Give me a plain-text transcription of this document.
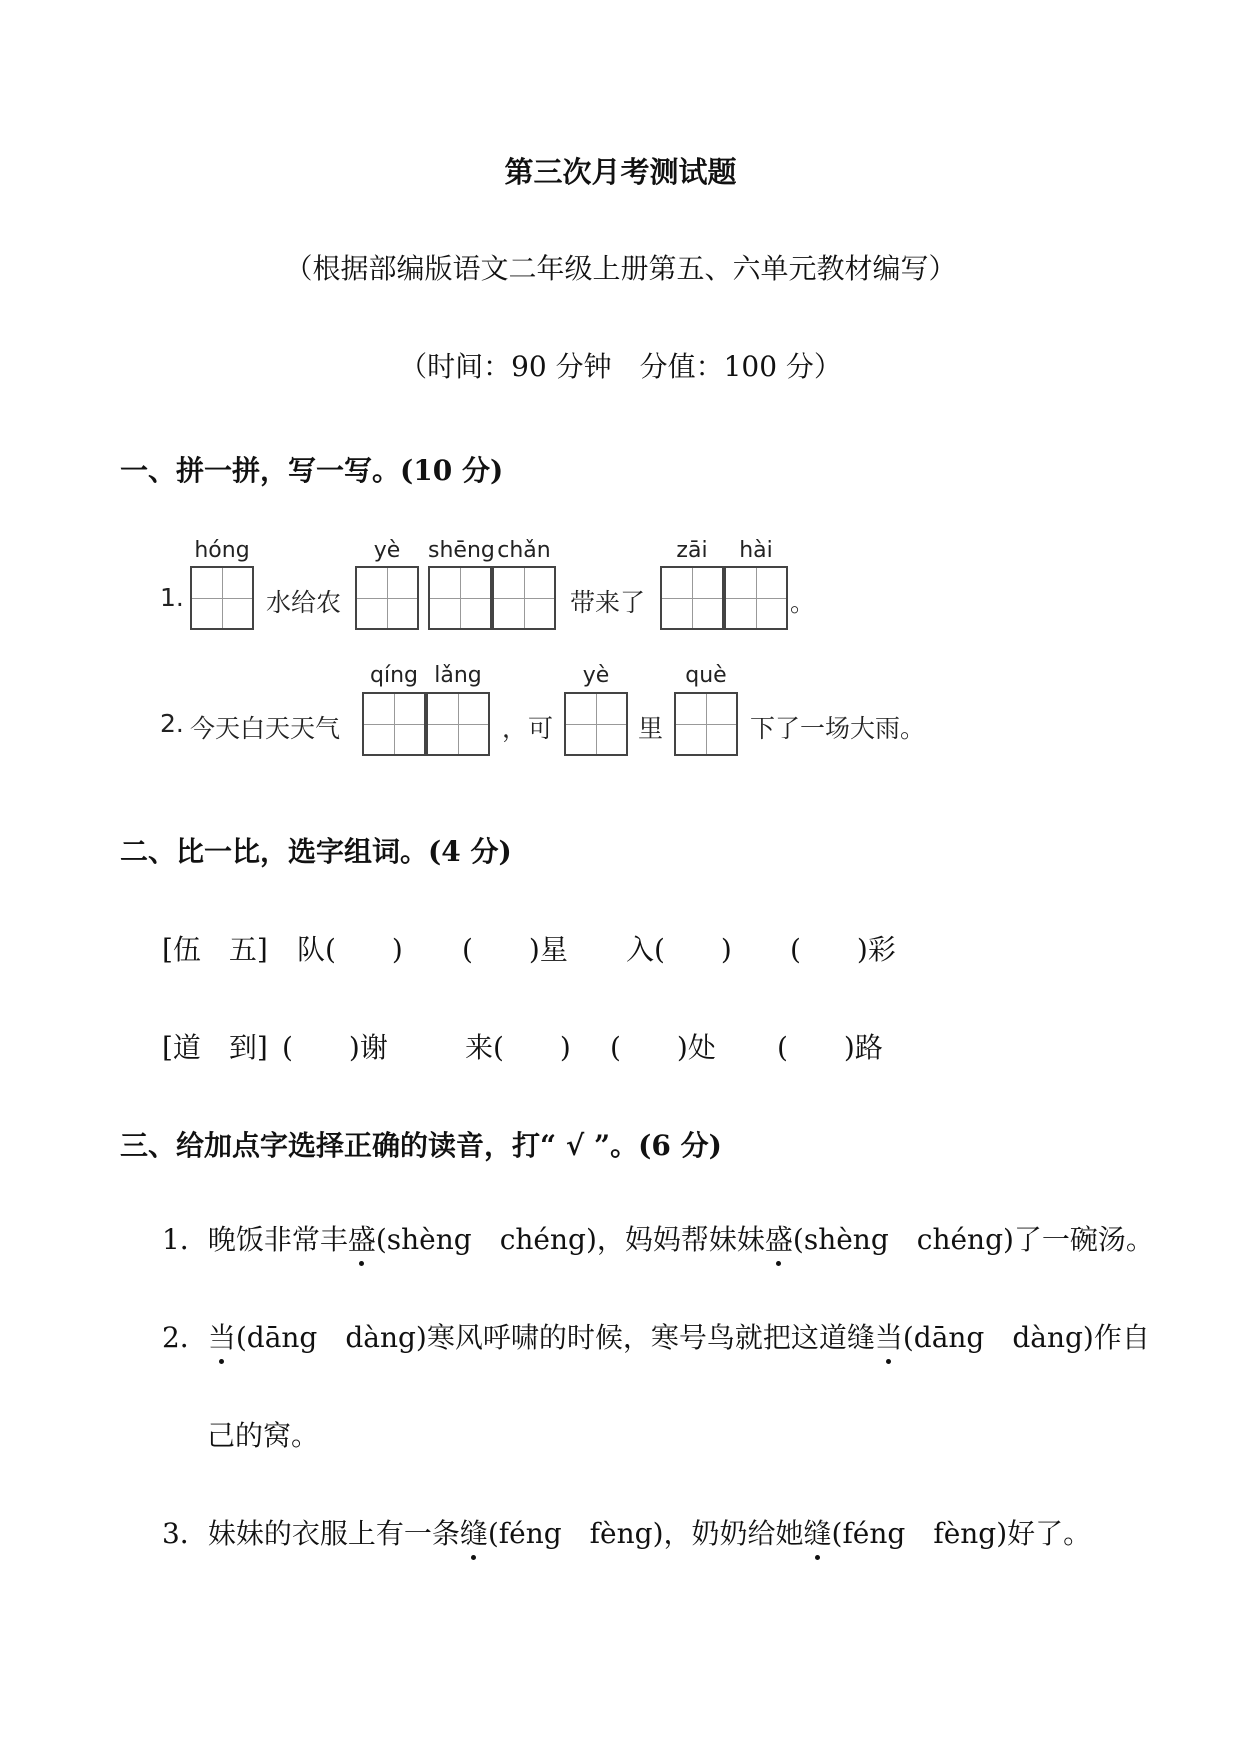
第三次月考测试题
（根据部编版语文二年级上册第五、六单元教材编写）
（时间：90 分钟　分值：100 分）
一、拼一拼，写一写。(10 分)
1.
hóng
水给农
yè	shēng chǎn
带来了
zāi	hài
。
2. 今天白天天气
qíng lǎng
， 可
yè
里
què
下了一场大雨。
二、比一比，选字组词。(4 分)
[伍　五] 队(　　) (　　)星 入(　　) (　　)彩
[道　到] (　　)谢	来(　　) (　　)处 (　　)路
三、给加点字选择正确的读音，打“ √ ”。(6 分)
1．晚饭非常丰盛(shèng　chéng)，妈妈帮妹妹盛(shèng　chéng)了一碗汤。
2．当(dāng　dàng)寒风呼啸的时候，寒号鸟就把这道缝当(dāng　dàng)作自
己的窝。
3．妹妹的衣服上有一条缝(féng　fèng)，奶奶给她缝(féng　fèng)好了。
